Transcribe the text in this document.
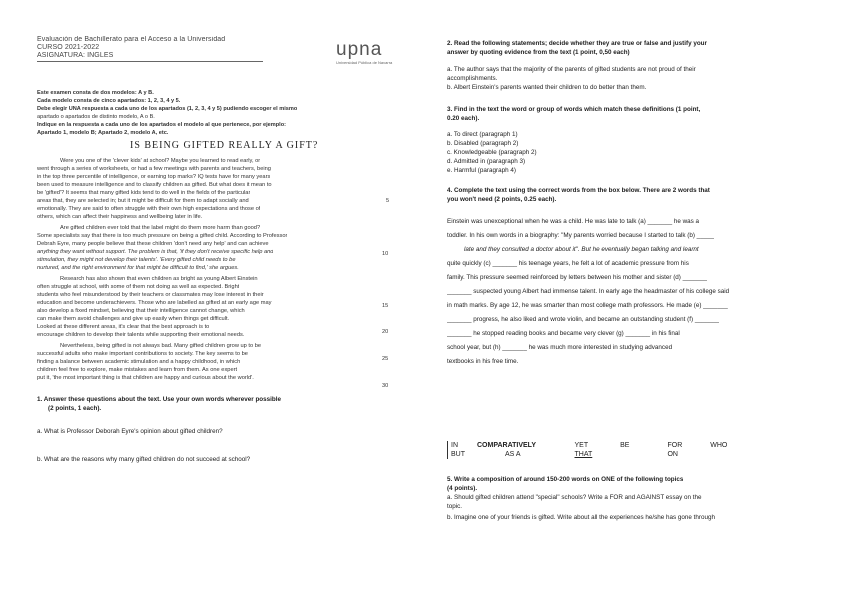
Evaluación de Bachillerato para el Acceso a la Universidad
CURSO 2021-2022
ASIGNATURA: INGLÉS	upna
Universidad Pública de Navarra
Este examen consta de dos modelos: A y B.
Cada modelo consta de cinco apartados: 1, 2, 3, 4 y 5.
Debe elegir UNA respuesta a cada uno de los apartados (1, 2, 3, 4 y 5) pudiendo escoger el mismo
apartado o apartados de distinto modelo, A o B.
Indique en la respuesta a cada uno de los apartados el modelo al que pertenece, por ejemplo:
Apartado 1, modelo B; Apartado 2, modelo A, etc.
IS BEING GIFTED REALLY A GIFT?
Were you one of the 'clever kids' at school? Maybe you learned to read early, or
went through a series of worksheets, or had a few meetings with parents and teachers, being
in the top three percentile of intelligence, or earning top marks? IQ tests have for many years
been used to measure intelligence and to classify children as gifted. But what does it mean to
be 'gifted'? It seems that many gifted kids tend to do well in the fields of the particular
areas that, they are selected in; but it might be difficult for them to adapt socially and
emotionally. They are said to often struggle with their own high expectations and those of
others, which can affect their happiness and wellbeing later in life.
Are gifted children ever told that the label might do them more harm than good?
Some specialists say that there is too much pressure on being a gifted child. According to Professor
Debrah Eyre, many people believe that these children 'don't need any help' and can achieve
anything they want without support. The problem is that, 'if they don't receive specific help and
stimulation, they might not develop their talents'. 'Every gifted child needs to be
nurtured, and the right environment for that might be difficult to find,' she argues.
Research has also shown that even children as bright as young Albert Einstein
often struggle at school, with some of them not doing as well as expected. Bright
students who feel misunderstood by their teachers or classmates may lose interest in their
education and become underachievers. Those who are labelled as gifted at an early age may
also develop a fixed mindset, believing that their intelligence cannot change, which
can make them avoid challenges and give up easily when things get difficult.
Looked at these different areas, it's clear that the best approach is to
encourage children to develop their talents while supporting their emotional needs.
Nevertheless, being gifted is not always bad. Many gifted children grow up to be
successful adults who make important contributions to society. The key seems to be
finding a balance between academic stimulation and a happy childhood, in which
children feel free to explore, make mistakes and learn from them. As one expert
put it, 'the most important thing is that children are happy and curious about the world'.
5
10
15
20
25
30
1. Answer these questions about the text. Use your own words wherever possible
(2 points, 1 each).
a. What is Professor Deborah Eyre's opinion about gifted children?
b. What are the reasons why many gifted children do not succeed at school?
2. Read the following statements; decide whether they are true or false and justify your
answer by quoting evidence from the text (1 point, 0,50 each)
a. The author says that the majority of the parents of gifted students are not proud of their
accomplishments.
b. Albert Einstein's parents wanted their children to do better than them.
3. Find in the text the word or group of words which match these definitions (1 point,
0.20 each).
a. To direct (paragraph 1)
b. Disabled (paragraph 2)
c. Knowledgeable (paragraph 2)
d. Admitted in (paragraph 3)
e. Harmful (paragraph 4)
4. Complete the text using the correct words from the box below. There are 2 words that
you won't need (2 points, 0.25 each).
Einstein was unexceptional when he was a child. He was late to talk (a) _______ he was a
toddler. In his own words in a biography: "My parents worried because I started to talk (b) _____
late and they consulted a doctor about it". But he eventually began talking and learnt
quite quickly (c) _______ his teenage years, he felt a lot of academic pressure from his
family. This pressure seemed reinforced by letters between his mother and sister (d) _______
_______ suspected young Albert had immense talent. In early age the headmaster of his college said
in math marks. By age 12, he was smarter than most college math professors. He made (e) _______
_______ progress, he also liked and wrote violin, and became an outstanding student (f) _______
_______ he stopped reading books and became very clever (g) _______ in his final
school year, but (h) _______ he was much more interested in studying advanced
textbooks in his free time.
IN	COMPARATIVELY	YET	BE	FOR	WHO
BUT	AS A	THAT		ON	
5. Write a composition of around 150-200 words on ONE of the following topics
(4 points).
a. Should gifted children attend "special" schools? Write a FOR and AGAINST essay on the
topic.
b. Imagine one of your friends is gifted. Write about all the experiences he/she has gone through
